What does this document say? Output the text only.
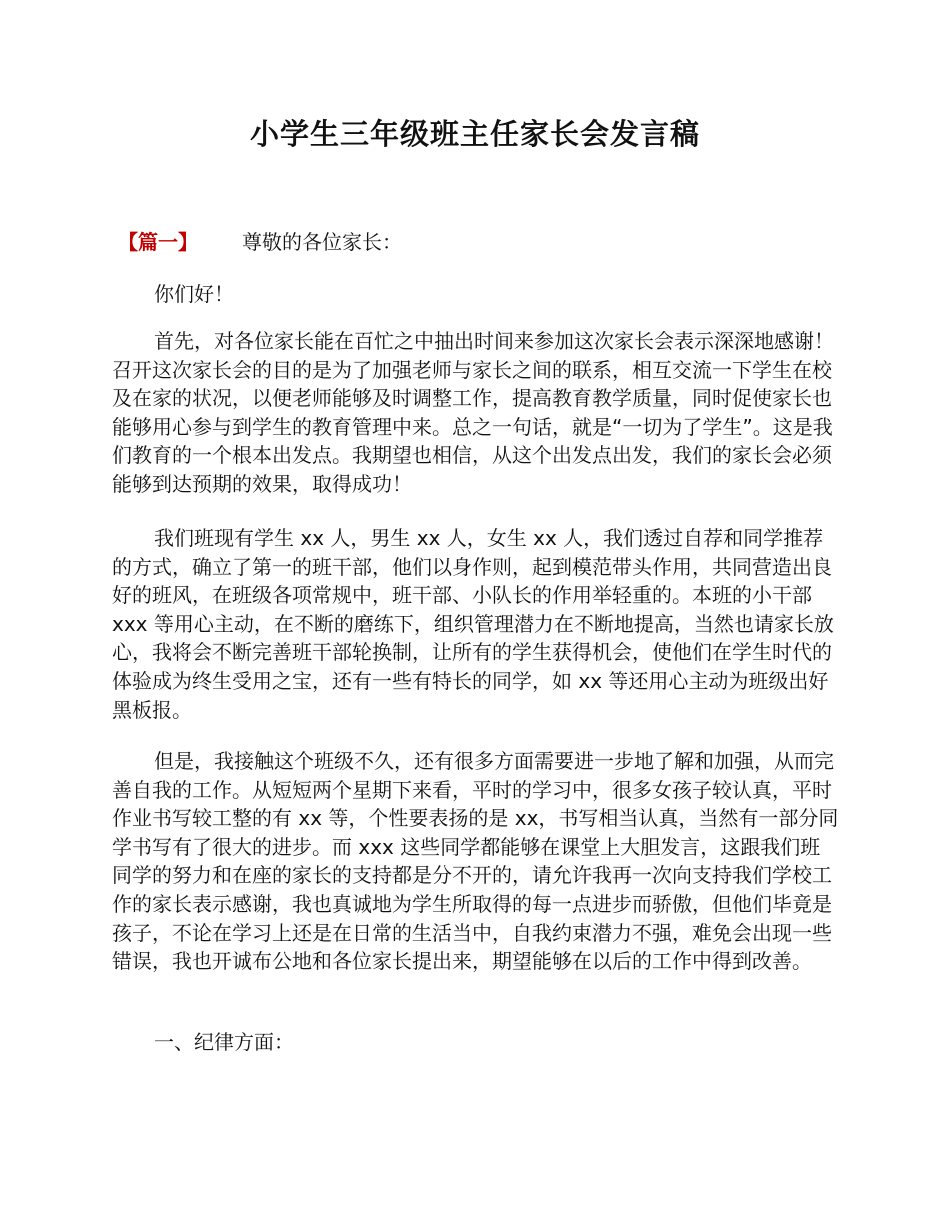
小学生三年级班主任家长会发言稿
【篇一】 尊敬的各位家长：

你们好！

首先，对各位家长能在百忙之中抽出时间来参加这次家长会表示深深地感谢！召开这次家长会的目的是为了加强老师与家长之间的联系，相互交流一下学生在校及在家的状况，以便老师能够及时调整工作，提高教育教学质量，同时促使家长也能够用心参与到学生的教育管理中来。总之一句话，就是“一切为了学生”。这是我们教育的一个根本出发点。我期望也相信，从这个出发点出发，我们的家长会必须能够到达预期的效果，取得成功！

我们班现有学生 xx 人，男生 xx 人，女生 xx 人，我们透过自荐和同学推荐的方式，确立了第一的班干部，他们以身作则，起到模范带头作用，共同营造出良好的班风，在班级各项常规中，班干部、小队长的作用举轻重的。本班的小干部 xxx 等用心主动，在不断的磨练下，组织管理潜力在不断地提高，当然也请家长放心，我将会不断完善班干部轮换制，让所有的学生获得机会，使他们在学生时代的体验成为终生受用之宝，还有一些有特长的同学，如 xx 等还用心主动为班级出好黑板报。

但是，我接触这个班级不久，还有很多方面需要进一步地了解和加强，从而完善自我的工作。从短短两个星期下来看，平时的学习中，很多女孩子较认真，平时作业书写较工整的有 xx 等，个性要表扬的是 xx，书写相当认真，当然有一部分同学书写有了很大的进步。而 xxx 这些同学都能够在课堂上大胆发言，这跟我们班同学的努力和在座的家长的支持都是分不开的，请允许我再一次向支持我们学校工作的家长表示感谢，我也真诚地为学生所取得的每一点进步而骄傲，但他们毕竟是孩子，不论在学习上还是在日常的生活当中，自我约束潜力不强，难免会出现一些错误，我也开诚布公地和各位家长提出来，期望能够在以后的工作中得到改善。

一、纪律方面：
